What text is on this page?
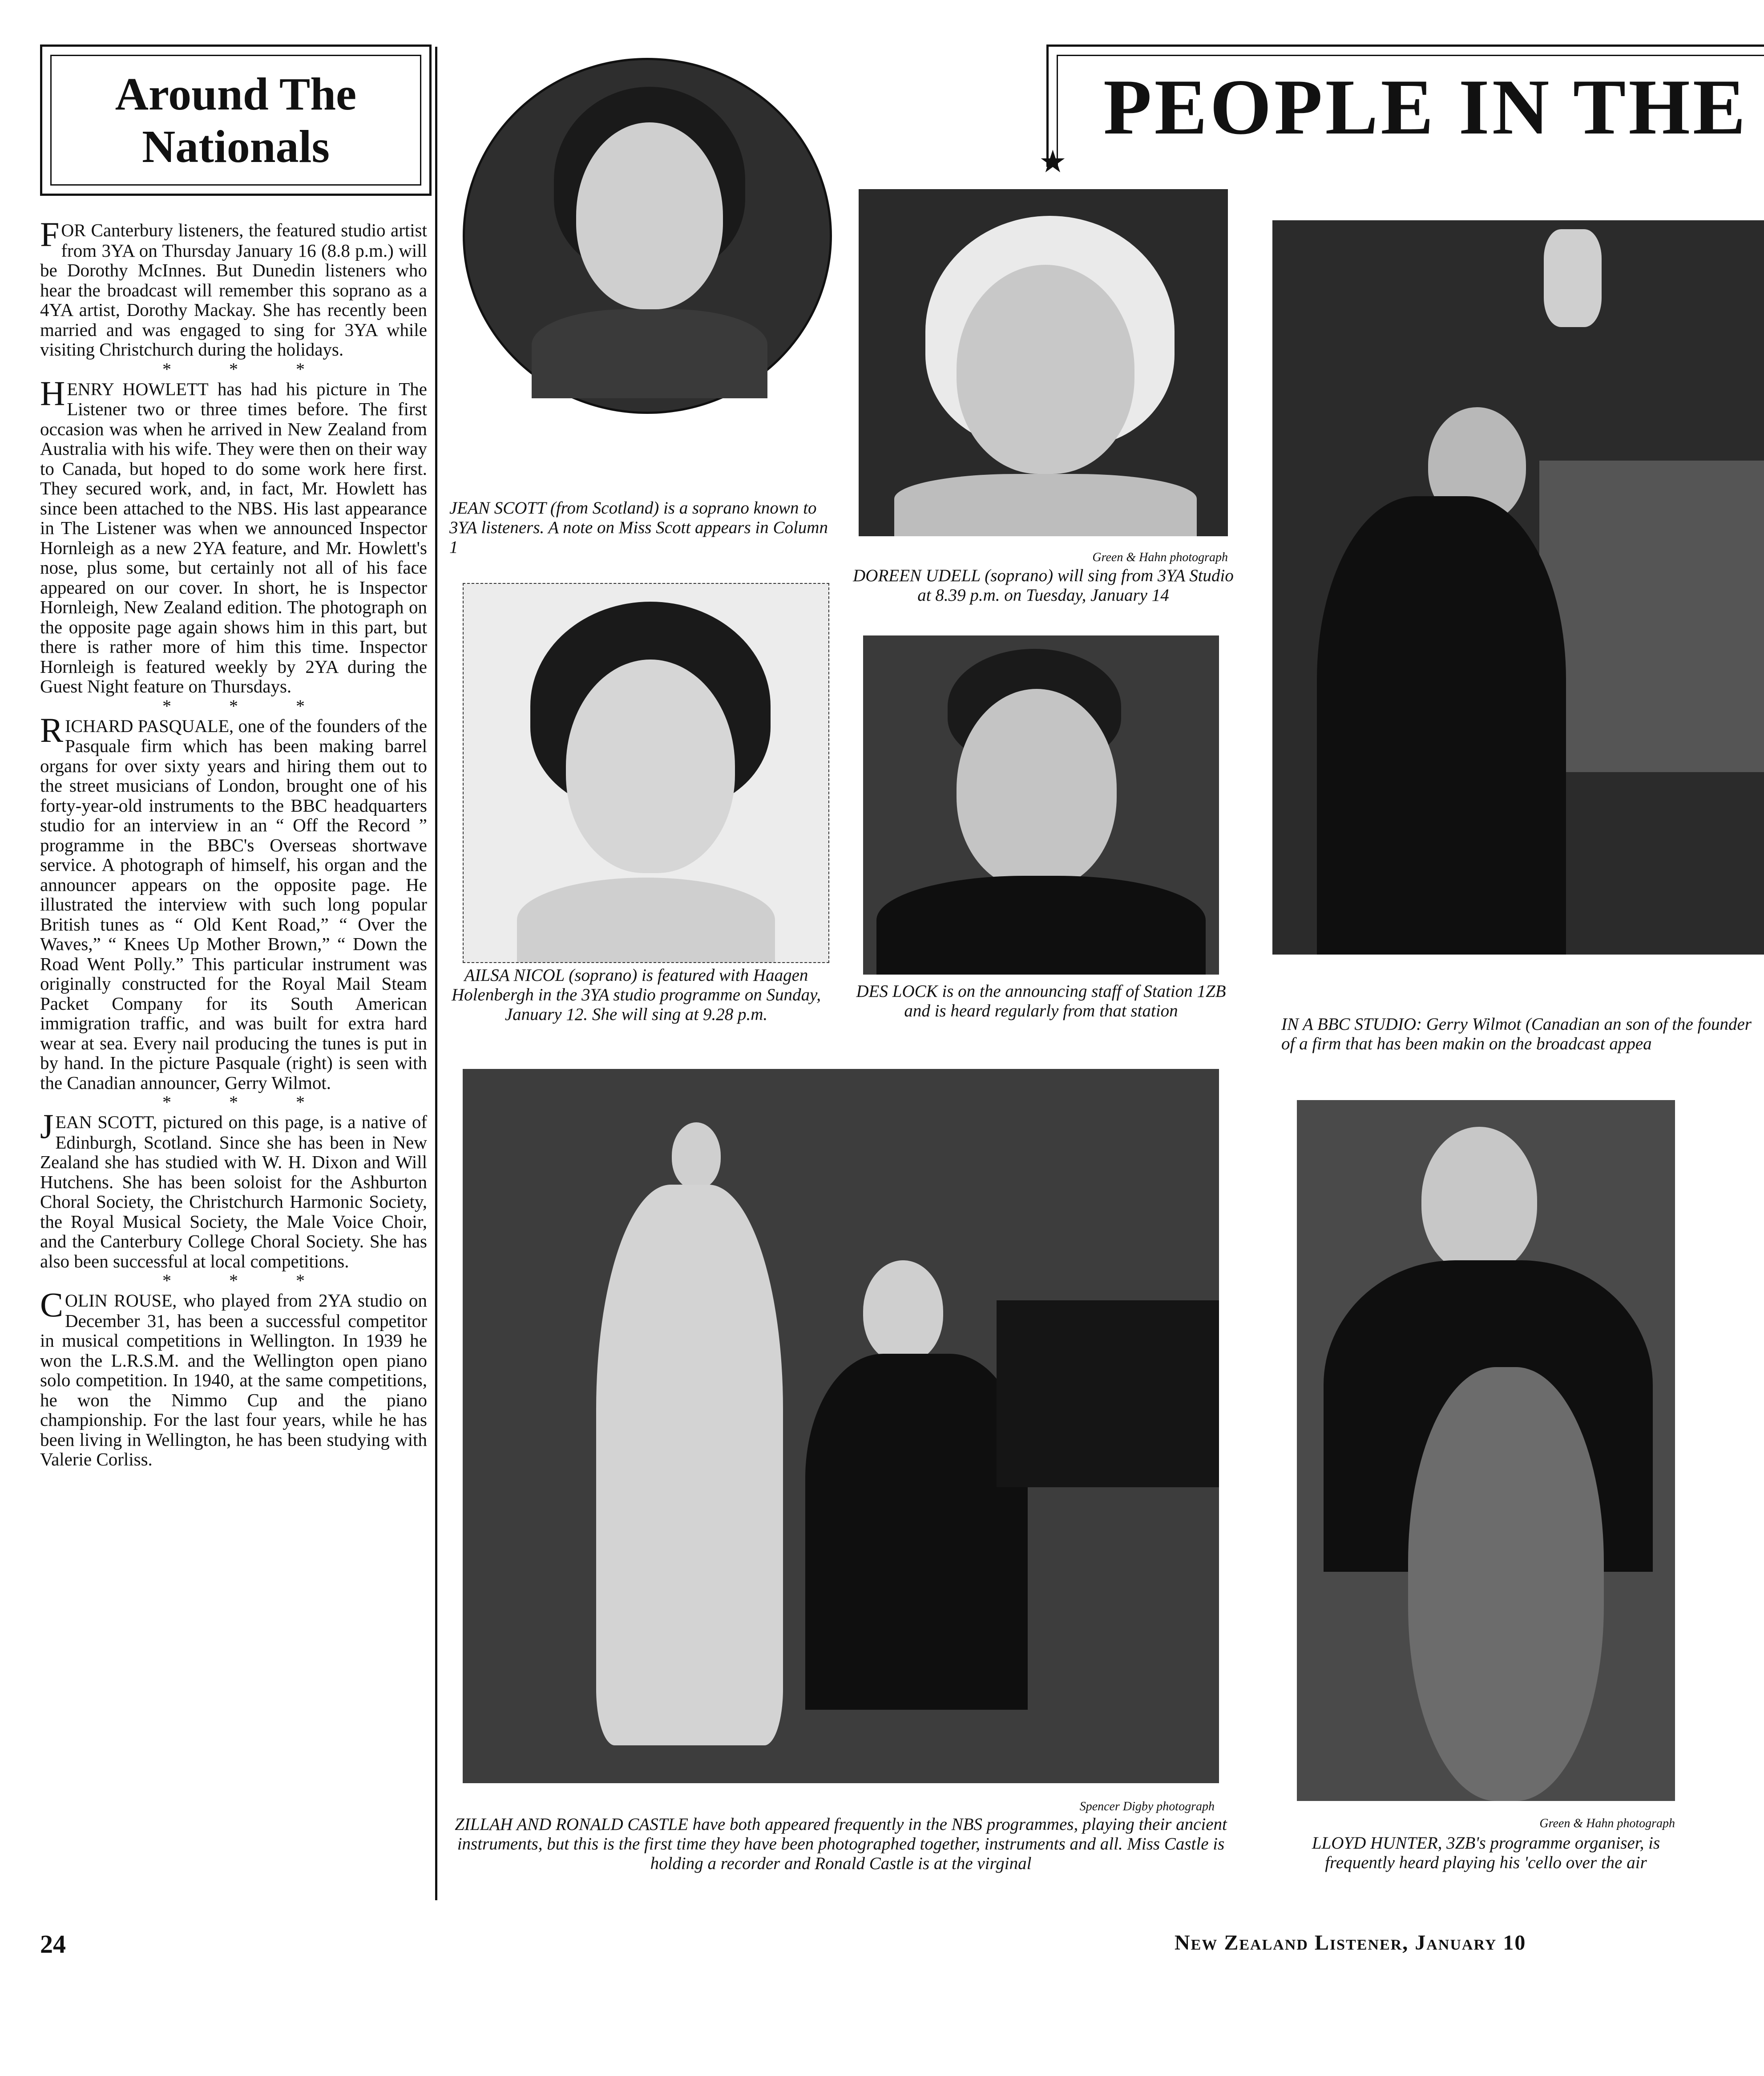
Around The
Nationals

FOR Canterbury listeners, the featured studio artist from 3YA on Thursday January 16 (8.8 p.m.) will be Dorothy McInnes. But Dunedin listeners who hear the broadcast will remember this soprano as a 4YA artist, Dorothy Mackay. She has recently been married and was engaged to sing for 3YA while visiting Christchurch during the holidays.

* * *

HENRY HOWLETT has had his picture in The Listener two or three times before. The first occasion was when he arrived in New Zealand from Australia with his wife. They were then on their way to Canada, but hoped to do some work here first. They secured work, and, in fact, Mr. Howlett has since been attached to the NBS. His last appearance in The Listener was when we announced Inspector Hornleigh as a new 2YA feature, and Mr. Howlett's nose, plus some, but certainly not all of his face appeared on our cover. In short, he is Inspector Hornleigh, New Zealand edition. The photograph on the opposite page again shows him in this part, but there is rather more of him this time. Inspector Hornleigh is featured weekly by 2YA during the Guest Night feature on Thursdays.

* * *

RICHARD PASQUALE, one of the founders of the Pasquale firm which has been making barrel organs for over sixty years and hiring them out to the street musicians of London, brought one of his forty-year-old instruments to the BBC headquarters studio for an interview in an “ Off the Record ” programme in the BBC's Overseas shortwave service. A photograph of himself, his organ and the announcer appears on the opposite page. He illustrated the interview with such long popular British tunes as “ Old Kent Road,” “ Over the Waves,” “ Knees Up Mother Brown,” “ Down the Road Went Polly.” This particular instrument was originally constructed for the Royal Mail Steam Packet Company for its South American immigration traffic, and was built for extra hard wear at sea. Every nail producing the tunes is put in by hand. In the picture Pasquale (right) is seen with the Canadian announcer, Gerry Wilmot.

* * *

JEAN SCOTT, pictured on this page, is a native of Edinburgh, Scotland. Since she has been in New Zealand she has studied with W. H. Dixon and Will Hutchens. She has been soloist for the Ashburton Choral Society, the Christchurch Harmonic Society, the Royal Musical Society, the Male Voice Choir, and the Canterbury College Choral Society. She has also been successful at local competitions.

* * *

COLIN ROUSE, who played from 2YA studio on December 31, has been a successful competitor in musical competitions in Wellington. In 1939 he won the L.R.S.M. and the Wellington open piano solo competition. In 1940, at the same competitions, he won the Nimmo Cup and the piano championship. For the last four years, while he has been living in Wellington, he has been studying with Valerie Corliss.

PEOPLE IN THE
★
JEAN SCOTT (from Scotland) is a soprano known to 3YA listeners. A note on Miss Scott appears in Column 1
Green & Hahn photograph
DOREEN UDELL (soprano) will sing from 3YA Studio at 8.39 p.m. on Tuesday, January 14
AILSA NICOL (soprano) is featured with Haagen Holenbergh in the 3YA studio programme on Sunday, January 12. She will sing at 9.28 p.m.
DES LOCK is on the announcing staff of Station 1ZB and is heard regularly from that station
IN A BBC STUDIO: Gerry Wilmot (Canadian an son of the founder of a firm that has been makin on the broadcast appea
Spencer Digby photograph
ZILLAH AND RONALD CASTLE have both appeared frequently in the NBS programmes, playing their ancient instruments, but this is the first time they have been photographed together, instruments and all. Miss Castle is holding a recorder and Ronald Castle is at the virginal
Green & Hahn photograph
LLOYD HUNTER, 3ZB's programme organiser, is frequently heard playing his 'cello over the air
24	New Zealand Listener, January 10
